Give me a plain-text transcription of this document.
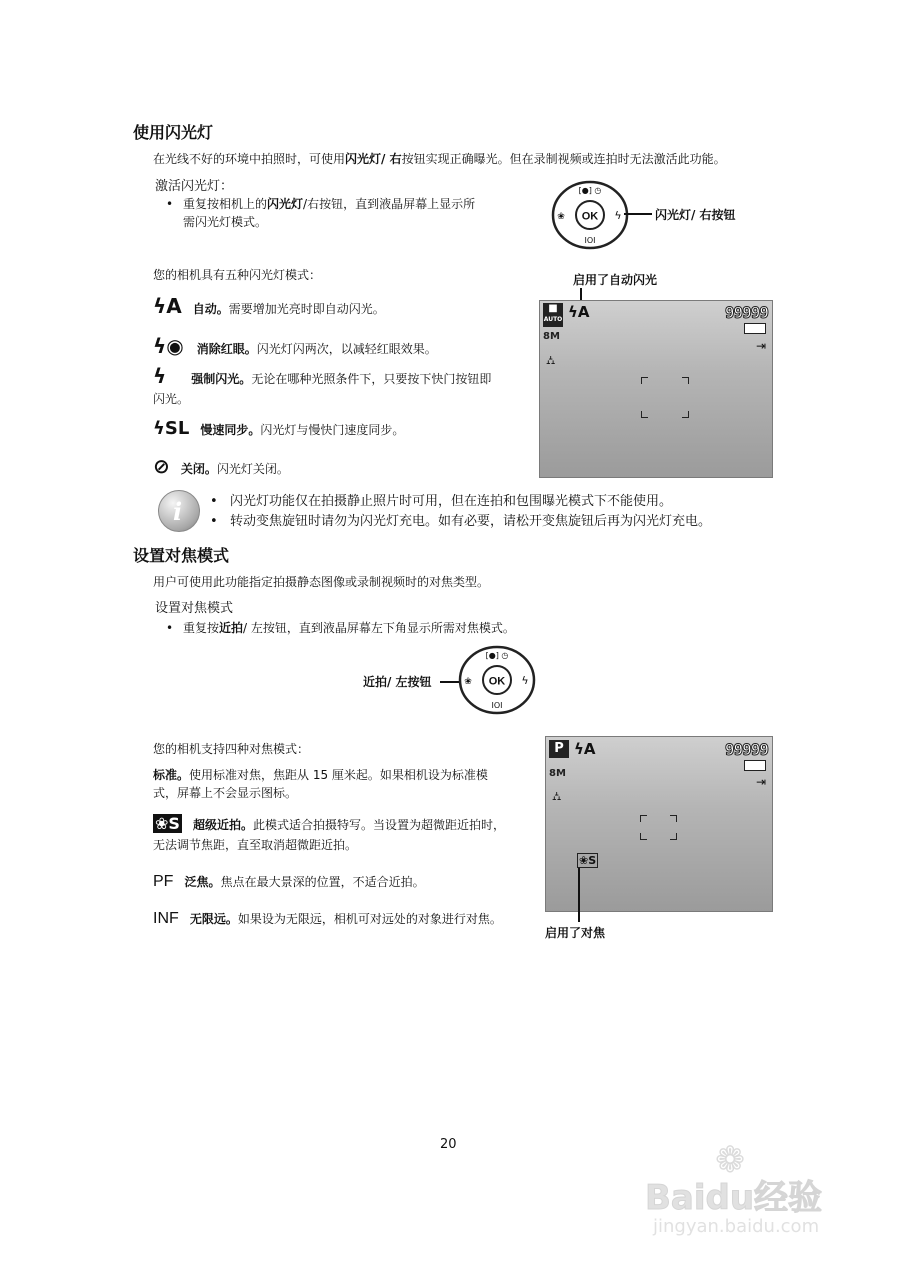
使用闪光灯
在光线不好的环境中拍照时，可使用闪光灯/ 右按钮实现正确曝光。但在录制视频或连拍时无法激活此功能。
激活闪光灯：
• 重复按相机上的闪光灯/右按钮，直到液晶屏幕上显示所
需闪光灯模式。	OK
[●] ◷
❀	ϟ
IOI
闪光灯/ 右按钮
您的相机具有五种闪光灯模式：
ϟA 自动。需要增加光亮时即自动闪光。
ϟ◉ 消除红眼。闪光灯闪两次，以减轻红眼效果。
ϟ 强制闪光。无论在哪种光照条件下，只要按下快门按钮即
闪光。
ϟSL 慢速同步。闪光灯与慢快门速度同步。
⊘ 关闭。闪光灯关闭。
启用了自动闪光
■
AUTO ϟA	99999
8M
⇥
⛼
i • 闪光灯功能仅在拍摄静止照片时可用，但在连拍和包围曝光模式下不能使用。
• 转动变焦旋钮时请勿为闪光灯充电。如有必要，请松开变焦旋钮后再为闪光灯充电。
设置对焦模式
用户可使用此功能指定拍摄静态图像或录制视频时的对焦类型。
设置对焦模式
• 重复按近拍/ 左按钮，直到液晶屏幕左下角显示所需对焦模式。
近拍/ 左按钮	OK
[●] ◷
❀	ϟ
IOI
您的相机支持四种对焦模式：
标准。使用标准对焦，焦距从 15 厘米起。如果相机设为标准模
式，屏幕上不会显示图标。
❀S 超级近拍。此模式适合拍摄特写。当设置为超微距近拍时，
无法调节焦距，直至取消超微距近拍。
PF 泛焦。焦点在最大景深的位置，不适合近拍。
INF 无限远。如果设为无限远，相机可对远处的对象进行对焦。
P ϟA	99999
8M
⇥
⛼
❀S
启用了对焦
20	❁
Baidu经验
jingyan.baidu.com
